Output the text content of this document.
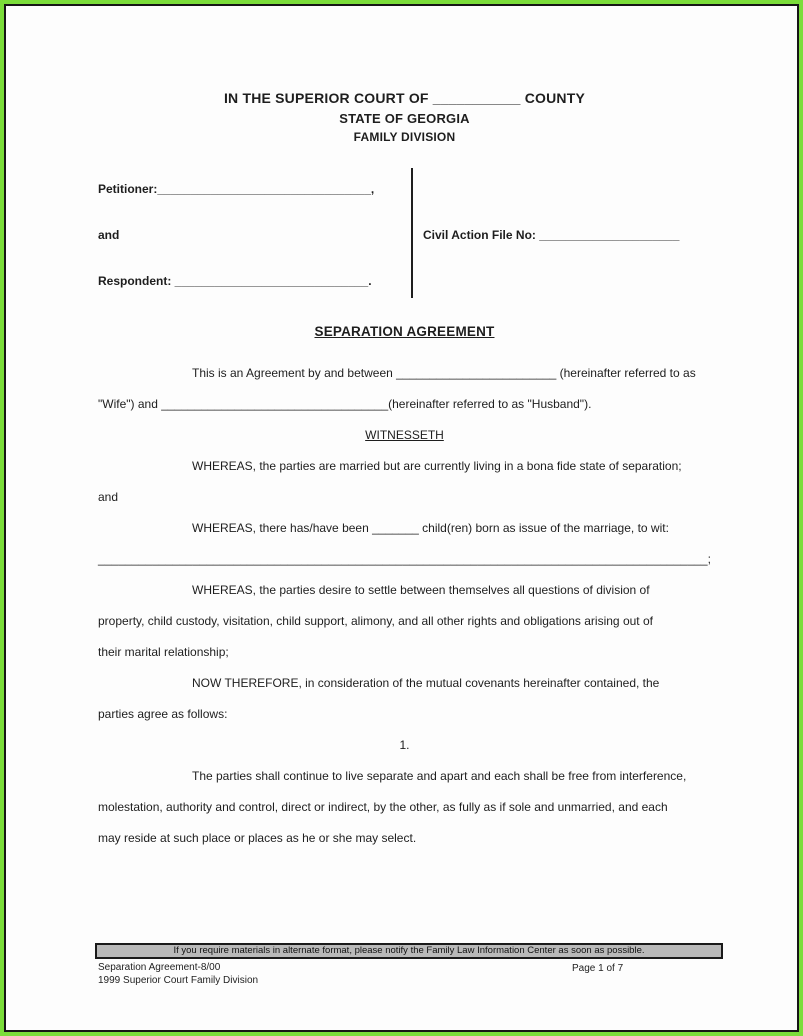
IN THE SUPERIOR COURT OF ___________ COUNTY
STATE OF GEORGIA
FAMILY DIVISION

Petitioner:________________________________,

and

Respondent: _____________________________.

Civil Action File No: _____________________

SEPARATION AGREEMENT

This is an Agreement by and between ________________________ (hereinafter referred to as

"Wife") and __________________________________(hereinafter referred to as "Husband").

WITNESSETH

WHEREAS, the parties are married but are currently living in a bona fide state of separation;

and

WHEREAS, there has/have been _______ child(ren) born as issue of the marriage, to wit:

__________________________________________________________________________________________;

WHEREAS, the parties desire to settle between themselves all questions of division of

property, child custody, visitation, child support, alimony, and all other rights and obligations arising out of

their marital relationship;

NOW THEREFORE, in consideration of the mutual covenants hereinafter contained, the

parties agree as follows:

1.

The parties shall continue to live separate and apart and each shall be free from interference,

molestation, authority and control, direct or indirect, by the other, as fully as if sole and unmarried, and each

may reside at such place or places as he or she may select.

If you require materials in alternate format, please notify the Family Law Information Center as soon as possible.
Separation Agreement-8/00
1999 Superior Court Family Division
Page 1 of 7
